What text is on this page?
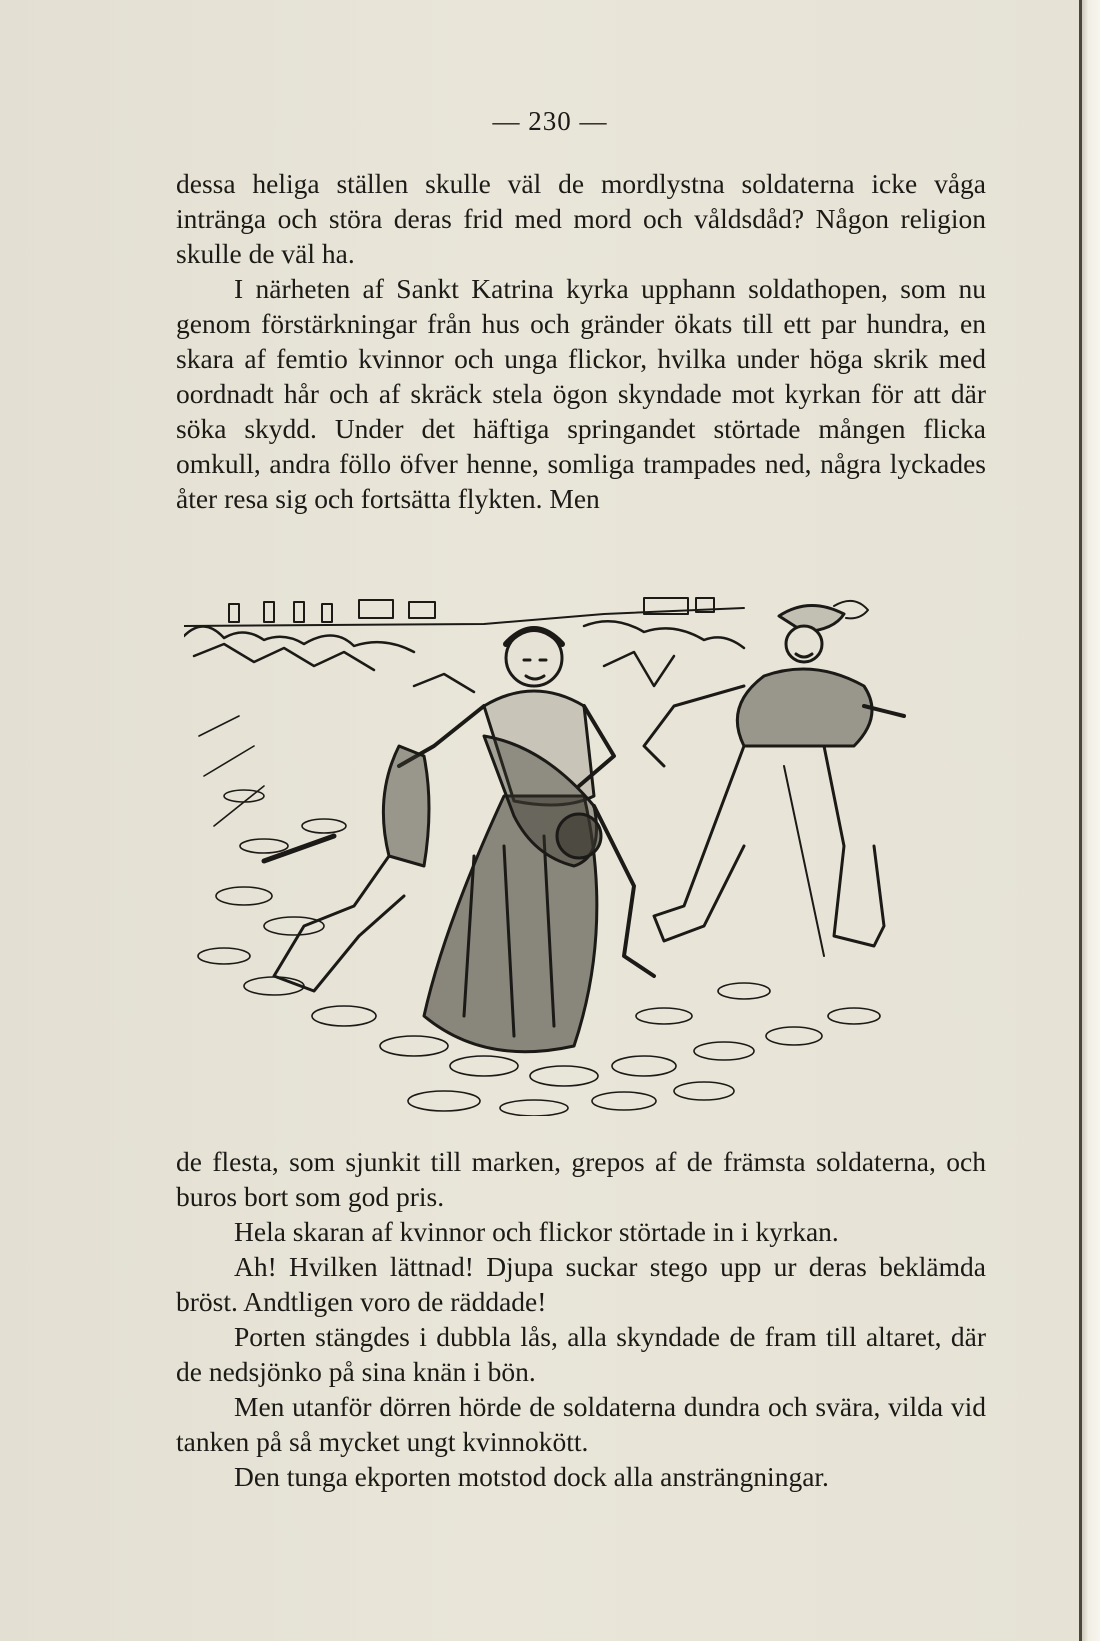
— 230 —

dessa heliga ställen skulle väl de mordlystna soldaterna icke våga intränga och störa deras frid med mord och våldsdåd? Någon religion skulle de väl ha.

I närheten af Sankt Katrina kyrka upphann soldathopen, som nu genom förstärkningar från hus och gränder ökats till ett par hundra, en skara af femtio kvinnor och unga flickor, hvilka under höga skrik med oordnadt hår och af skräck stela ögon skyndade mot kyrkan för att där söka skydd. Under det häftiga springandet störtade mången flicka omkull, andra föllo öfver henne, somliga trampades ned, några lyckades åter resa sig och fortsätta flykten. Men

de flesta, som sjunkit till marken, grepos af de främsta soldaterna, och buros bort som god pris.

Hela skaran af kvinnor och flickor störtade in i kyrkan.

Ah! Hvilken lättnad! Djupa suckar stego upp ur deras beklämda bröst. Andtligen voro de räddade!

Porten stängdes i dubbla lås, alla skyndade de fram till altaret, där de nedsjönko på sina knän i bön.

Men utanför dörren hörde de soldaterna dundra och svära, vilda vid tanken på så mycket ungt kvinnokött.

Den tunga ekporten motstod dock alla ansträngningar.
